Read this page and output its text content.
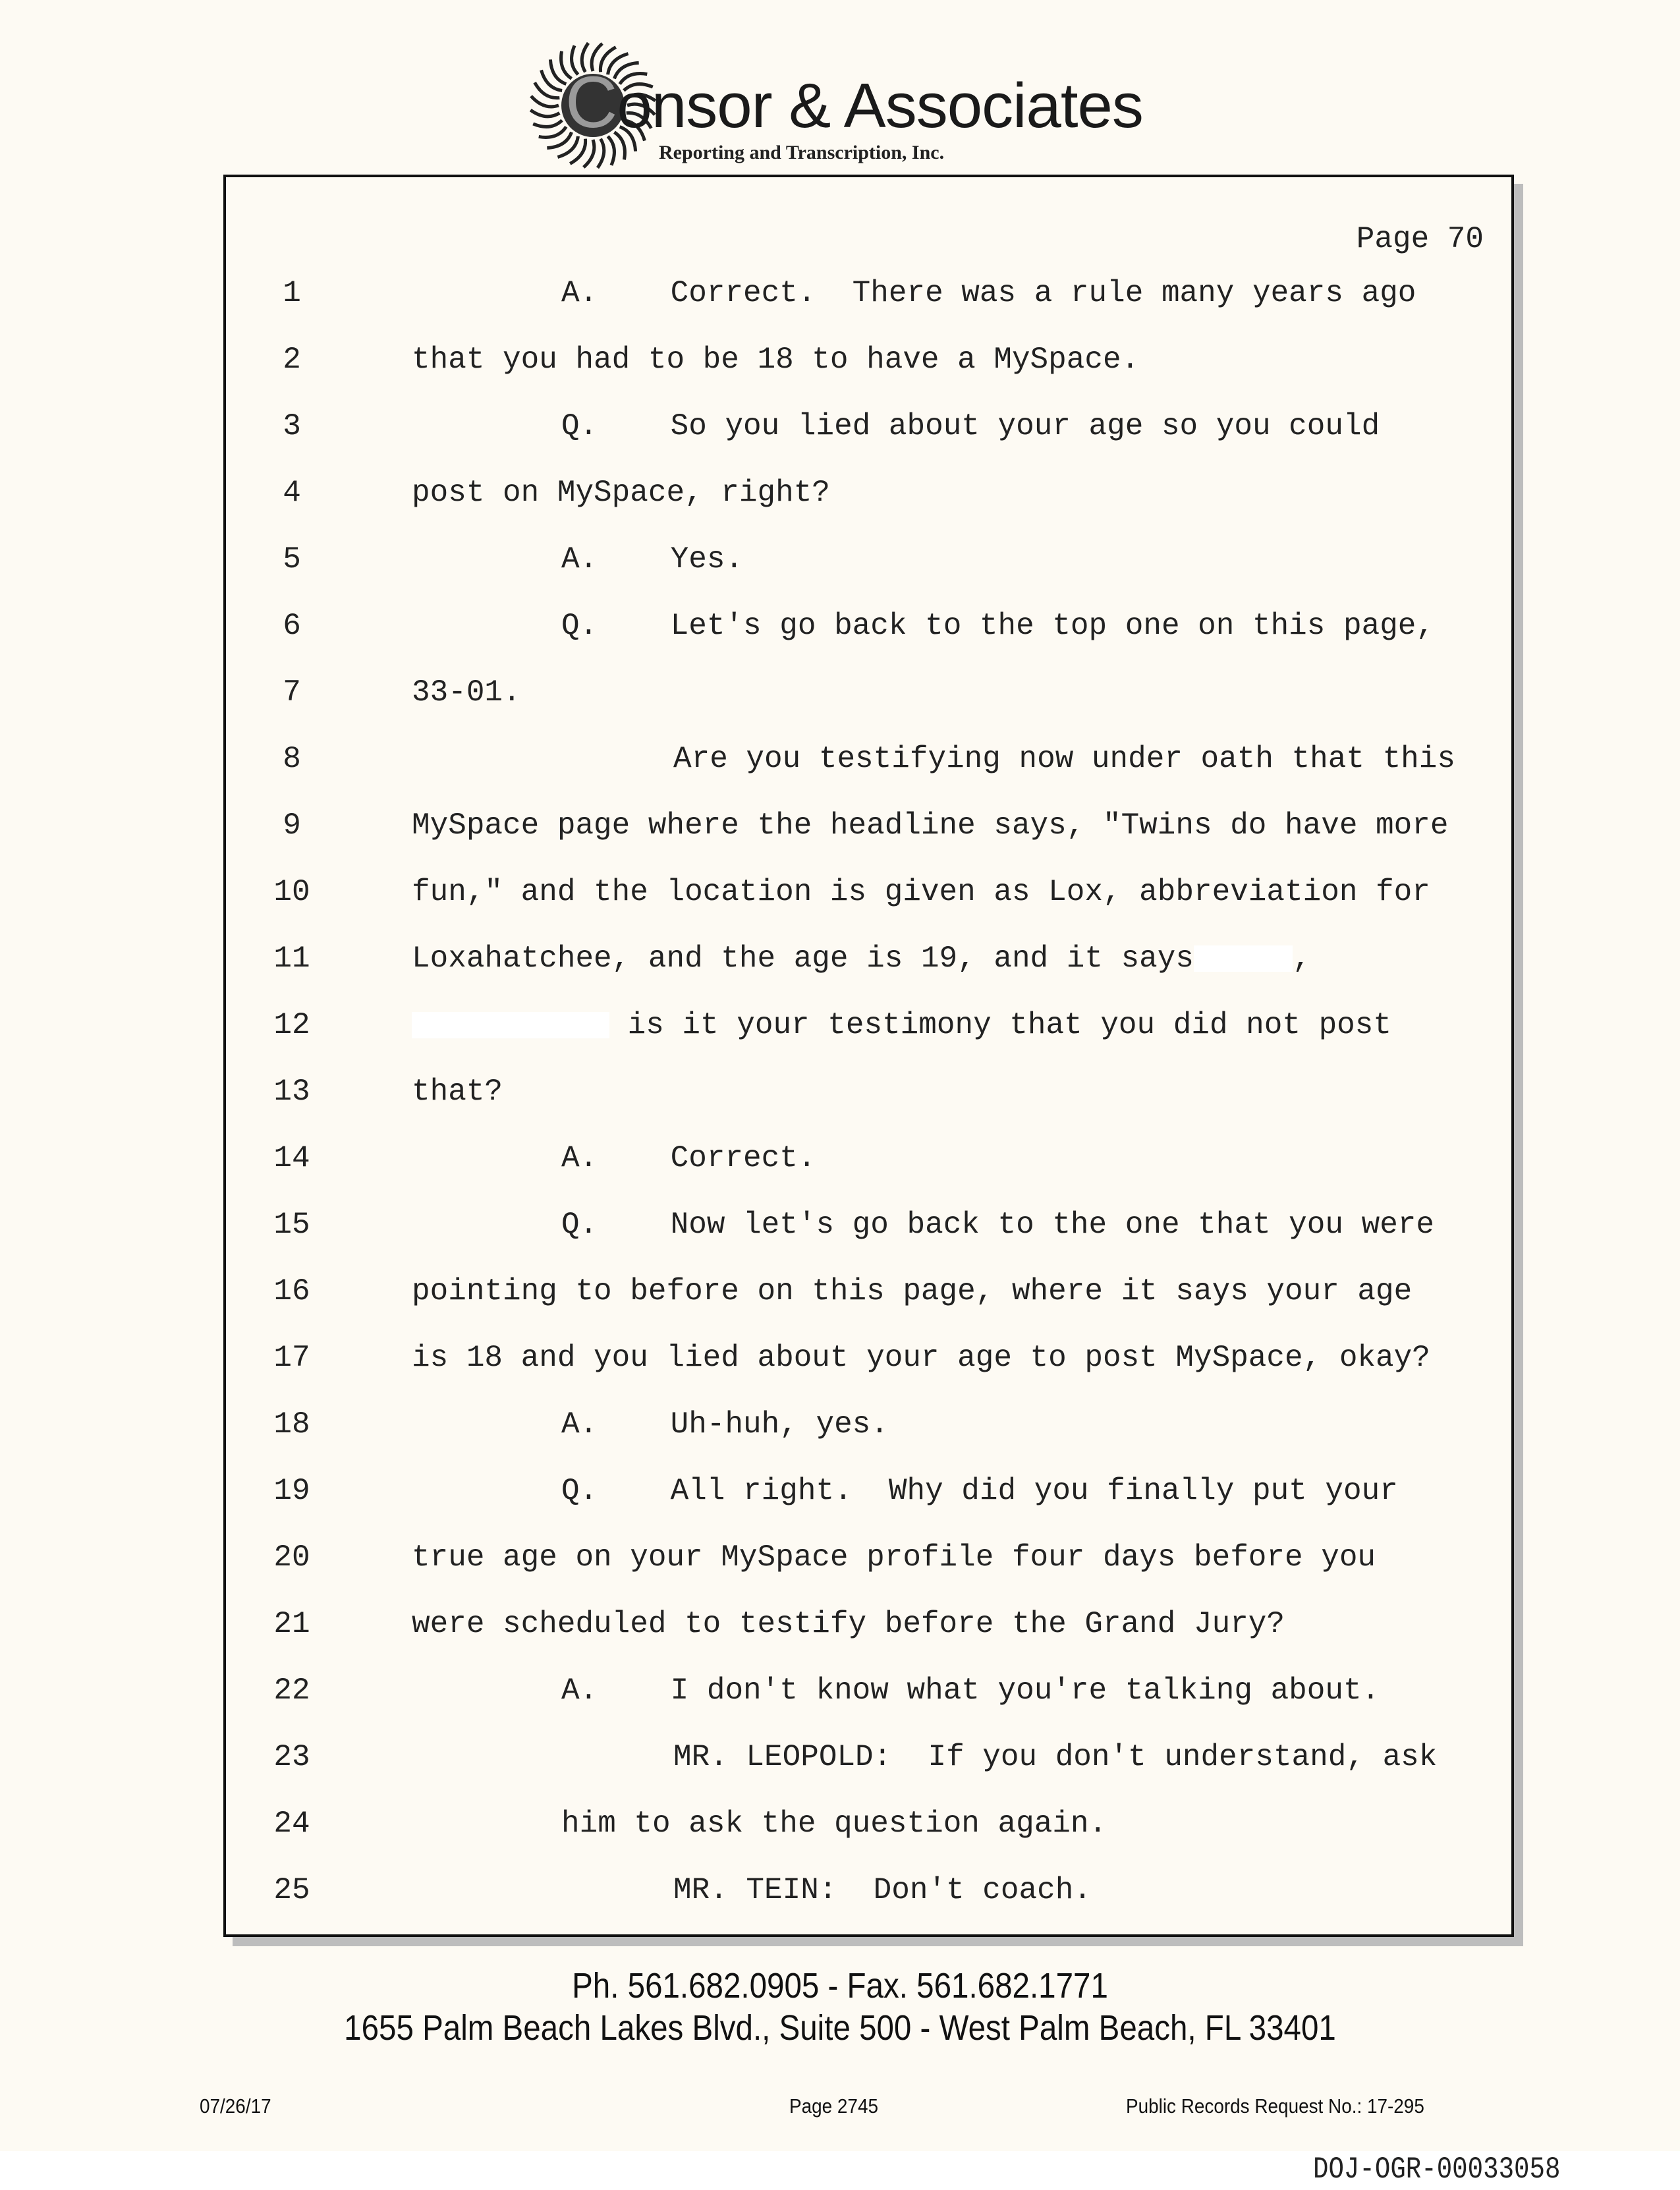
Consor & Associates
Reporting and Transcription, Inc.
Page 70
1	A.    Correct.  There was a rule many years ago
2	that you had to be 18 to have a MySpace.
3	Q.    So you lied about your age so you could
4	post on MySpace, right?
5	A.    Yes.
6	Q.    Let's go back to the top one on this page,
7	33-01.
8	Are you testifying now under oath that this
9	MySpace page where the headline says, "Twins do have more
10	fun," and the location is given as Lox, abbreviation for
11	Loxahatchee, and the age is 19, and it says	,
12	is it your testimony that you did not post
13	that?
14	A.    Correct.
15	Q.    Now let's go back to the one that you were
16	pointing to before on this page, where it says your age
17	is 18 and you lied about your age to post MySpace, okay?
18	A.    Uh-huh, yes.
19	Q.    All right.  Why did you finally put your
20	true age on your MySpace profile four days before you
21	were scheduled to testify before the Grand Jury?
22	A.    I don't know what you're talking about.
23	MR. LEOPOLD:  If you don't understand, ask
24	him to ask the question again.
25	MR. TEIN:  Don't coach.
Ph. 561.682.0905 - Fax. 561.682.1771
1655 Palm Beach Lakes Blvd., Suite 500 - West Palm Beach, FL 33401
07/26/17	Page 2745	Public Records Request No.: 17-295
DOJ-OGR-00033058
